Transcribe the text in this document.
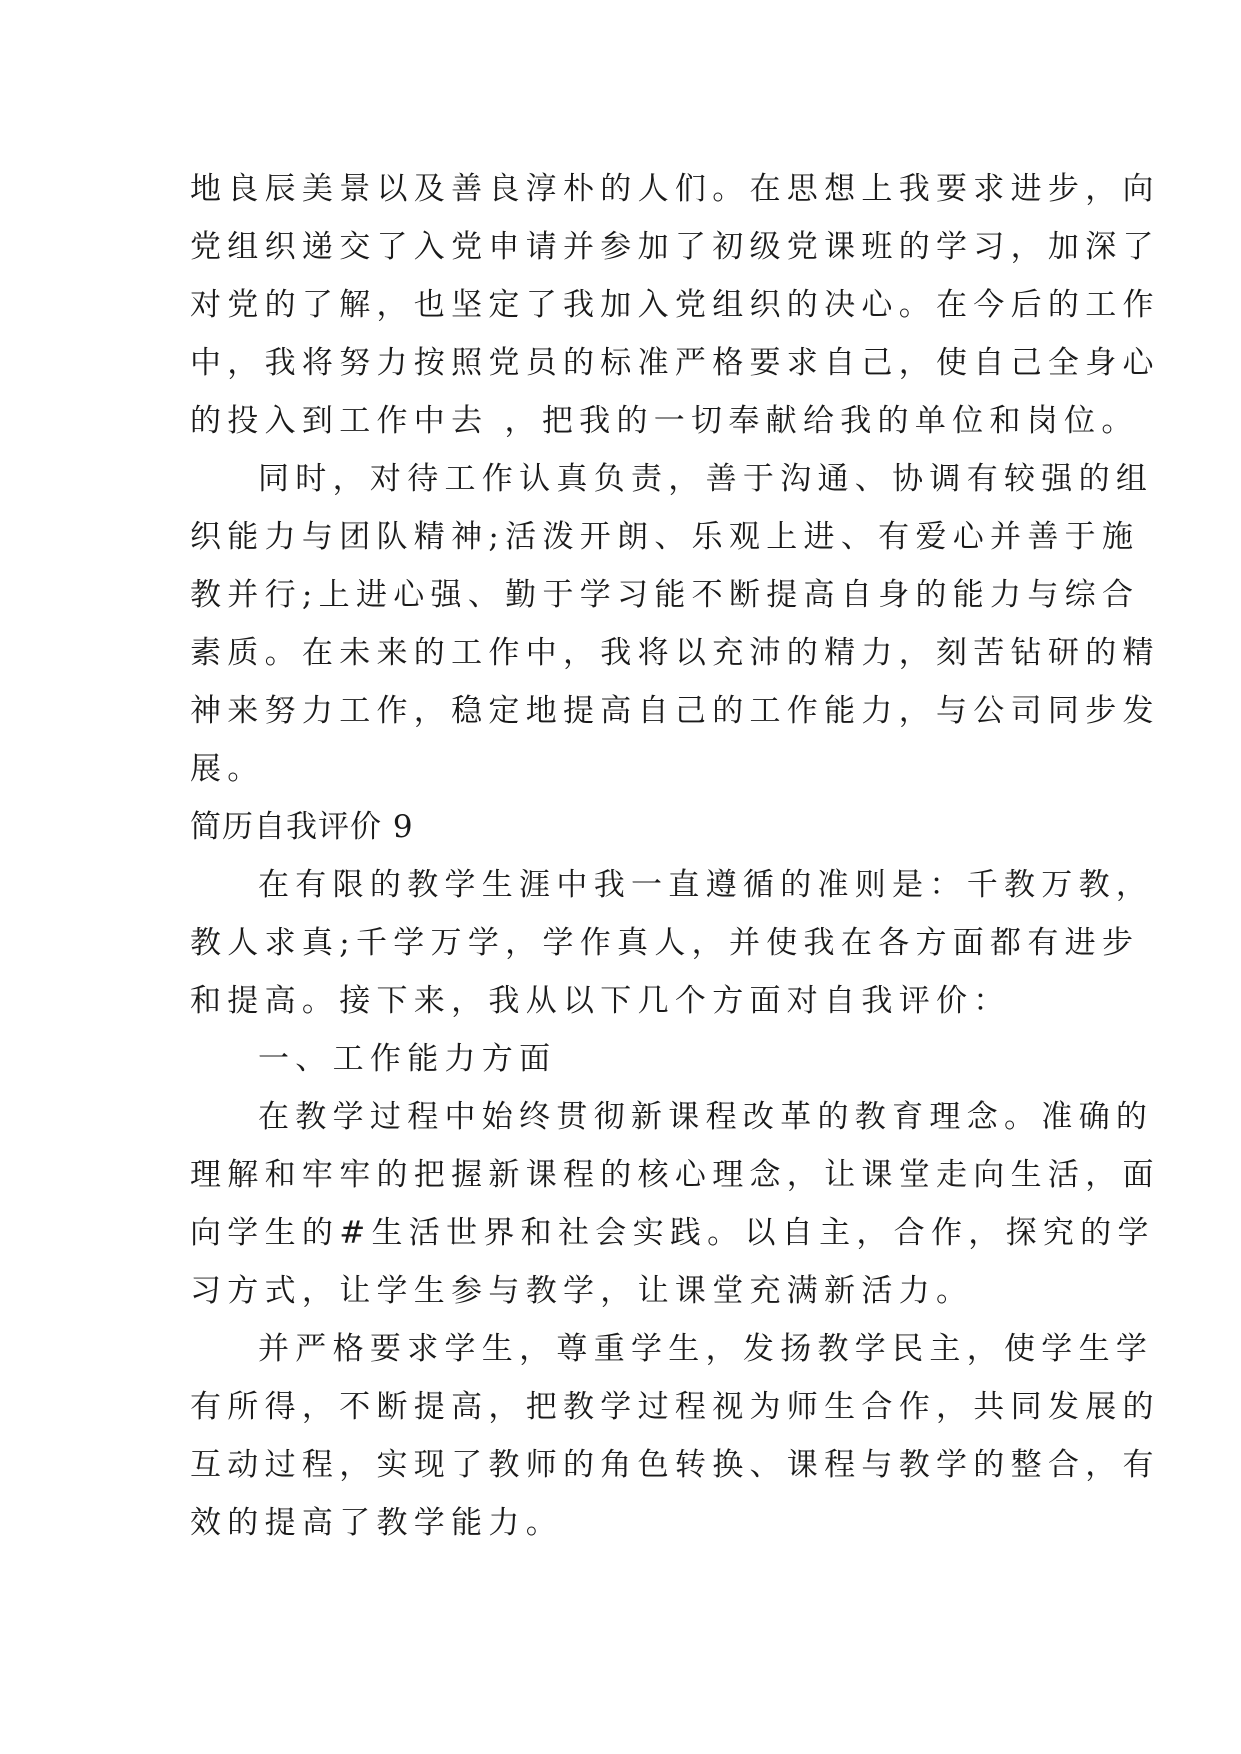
地良辰美景以及善良淳朴的人们。在思想上我要求进步，向
党组织递交了入党申请并参加了初级党课班的学习，加深了
对党的了解，也坚定了我加入党组织的决心。在今后的工作
中，我将努力按照党员的标准严格要求自己，使自己全身心
的投入到工作中去 ，把我的一切奉献给我的单位和岗位。
同时，对待工作认真负责，善于沟通、协调有较强的组
织能力与团队精神;活泼开朗、乐观上进、有爱心并善于施
教并行;上进心强、勤于学习能不断提高自身的能力与综合
素质。在未来的工作中，我将以充沛的精力，刻苦钻研的精
神来努力工作，稳定地提高自己的工作能力，与公司同步发
展。
简历自我评价 9
在有限的教学生涯中我一直遵循的准则是：千教万教，
教人求真;千学万学，学作真人，并使我在各方面都有进步
和提高。接下来，我从以下几个方面对自我评价：
一、工作能力方面
在教学过程中始终贯彻新课程改革的教育理念。准确的
理解和牢牢的把握新课程的核心理念，让课堂走向生活，面
向学生的#生活世界和社会实践。以自主，合作，探究的学
习方式，让学生参与教学，让课堂充满新活力。
并严格要求学生，尊重学生，发扬教学民主，使学生学
有所得，不断提高，把教学过程视为师生合作，共同发展的
互动过程，实现了教师的角色转换、课程与教学的整合，有
效的提高了教学能力。
